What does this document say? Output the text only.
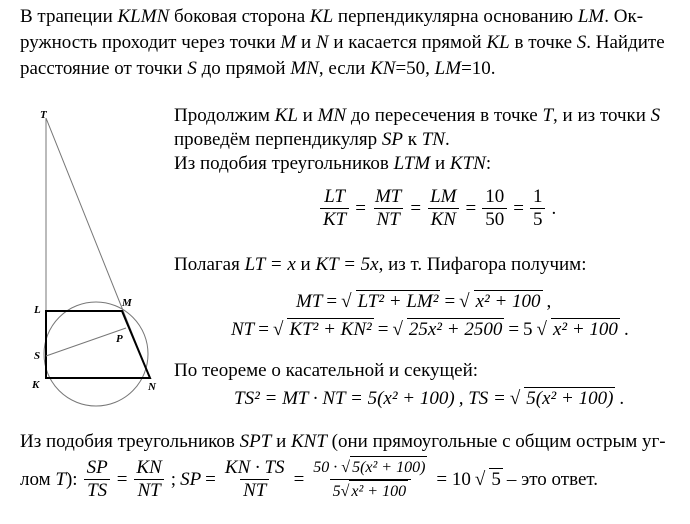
В трапеции KLMN боковая сторона KL перпендикулярна основанию LM. Ок-

ружность проходит через точки M и N и касается прямой KL в точке S. Найдите

расстояние от точки S до прямой MN, если KN=50, LM=10.

T
L
M
P
S
K	N
Продолжим KL и MN до пересечения в точке T, и из точки S
проведём перпендикуляр SP к TN.
Из подобия треугольников LTM и KTN:
$\frac{LT}{KT} = \frac{MT}{NT} = \frac{LM}{KN} = \frac{10}{50} = \frac{1}{5}$ .
Полагая LT = x и KT = 5x, из т. Пифагора получим:
MT = √ LT² + LM² = √ x² + 100 ,
NT = √ KT² + KN² = √ 25x² + 2500 = 5 √ x² + 100 .
По теореме о касательной и секущей:
TS² = MT · NT = 5(x² + 100) , TS = √ 5(x² + 100) .
Из подобия треугольников SPT и KNT (они прямоугольные с общим острым уг-
лом T): $\frac{SP}{TS} = \frac{KN}{NT}$ ; SP = $\frac{KN \cdot TS}{NT} = \frac{\text{50 · √ 5(x² + 100)}}{\text{5√ x² + 100}} = 10$ √ 5 – это ответ.
